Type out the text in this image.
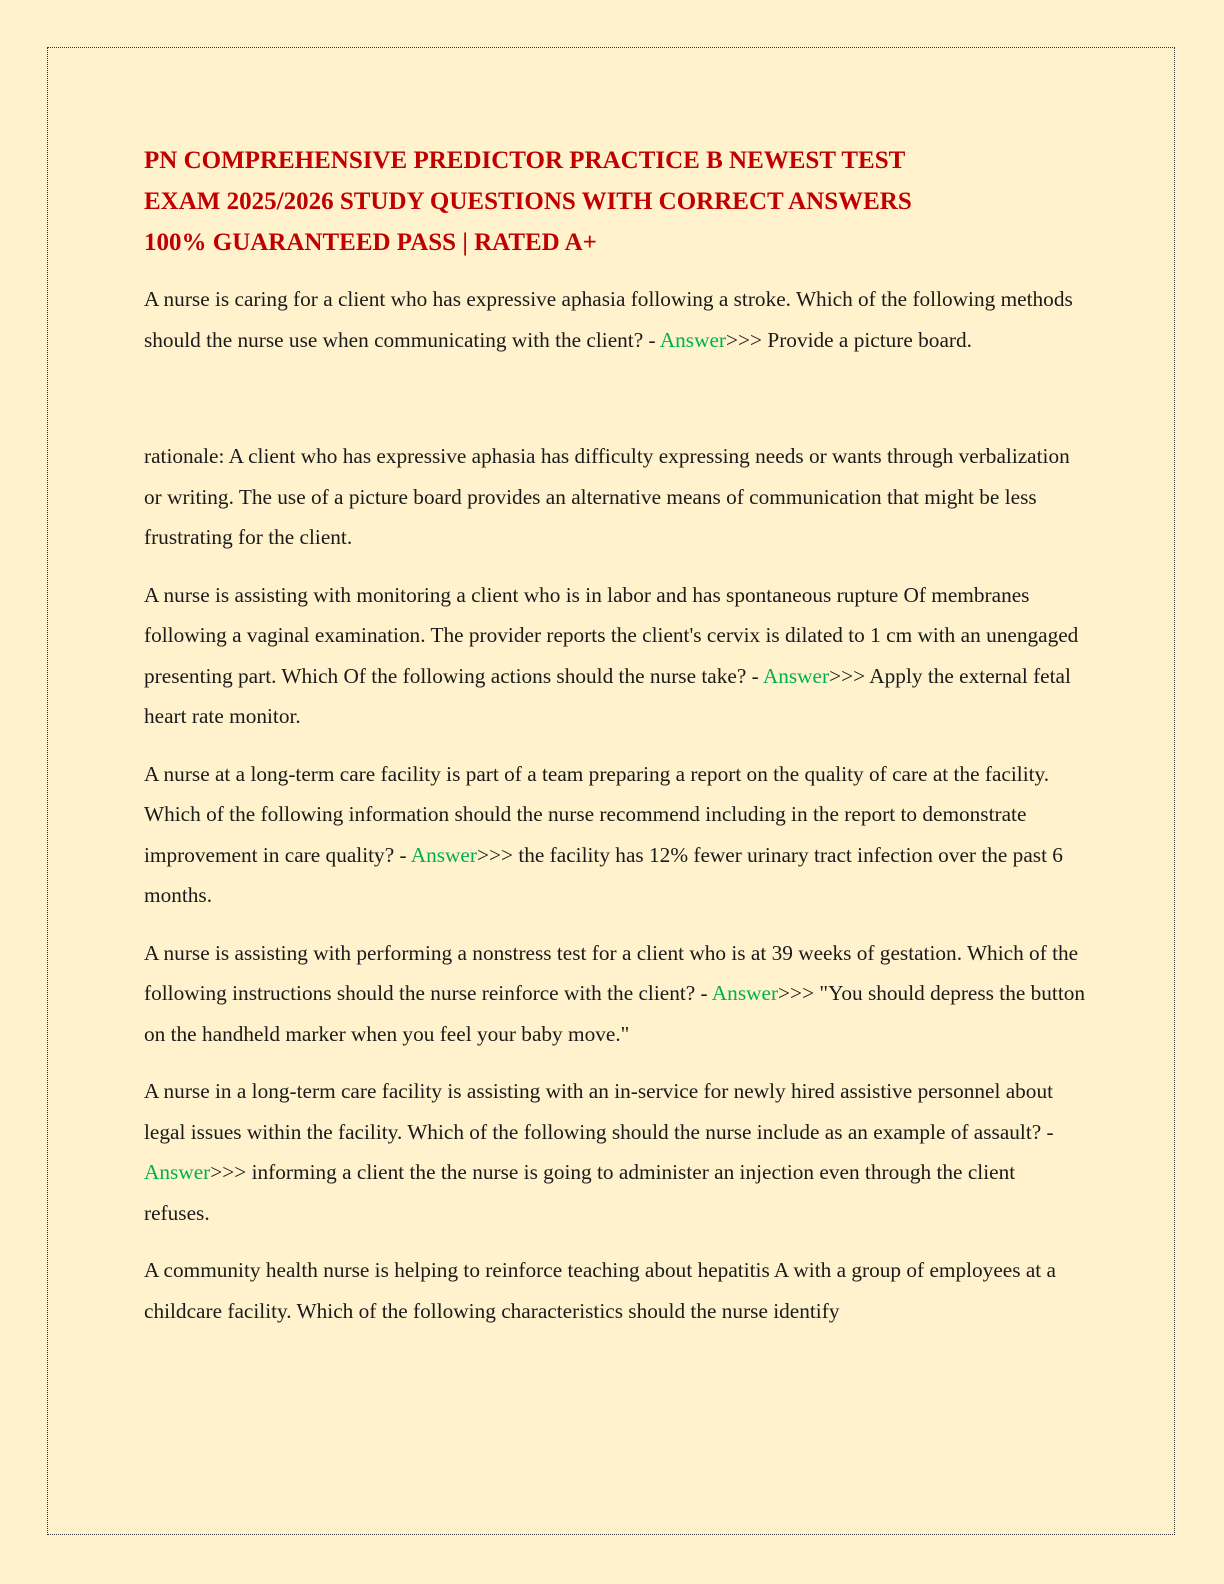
PN COMPREHENSIVE PREDICTOR PRACTICE B NEWEST TEST
EXAM 2025/2026 STUDY QUESTIONS WITH CORRECT ANSWERS
100% GUARANTEED PASS | RATED A+

A nurse is caring for a client who has expressive aphasia following a stroke. Which of the following methods should the nurse use when communicating with the client? - Answer>>> Provide a picture board.

rationale: A client who has expressive aphasia has difficulty expressing needs or wants through verbalization or writing. The use of a picture board provides an alternative means of communication that might be less frustrating for the client.

A nurse is assisting with monitoring a client who is in labor and has spontaneous rupture Of membranes following a vaginal examination. The provider reports the client's cervix is dilated to 1 cm with an unengaged presenting part. Which Of the following actions should the nurse take? - Answer>>> Apply the external fetal heart rate monitor.

A nurse at a long-term care facility is part of a team preparing a report on the quality of care at the facility. Which of the following information should the nurse recommend including in the report to demonstrate improvement in care quality? - Answer>>> the facility has 12% fewer urinary tract infection over the past 6 months.

A nurse is assisting with performing a nonstress test for a client who is at 39 weeks of gestation. Which of the following instructions should the nurse reinforce with the client? - Answer>>> "You should depress the button on the handheld marker when you feel your baby move."

A nurse in a long-term care facility is assisting with an in-service for newly hired assistive personnel about legal issues within the facility. Which of the following should the nurse include as an example of assault? - Answer>>> informing a client the the nurse is going to administer an injection even through the client refuses.

A community health nurse is helping to reinforce teaching about hepatitis A with a group of employees at a childcare facility. Which of the following characteristics should the nurse identify
